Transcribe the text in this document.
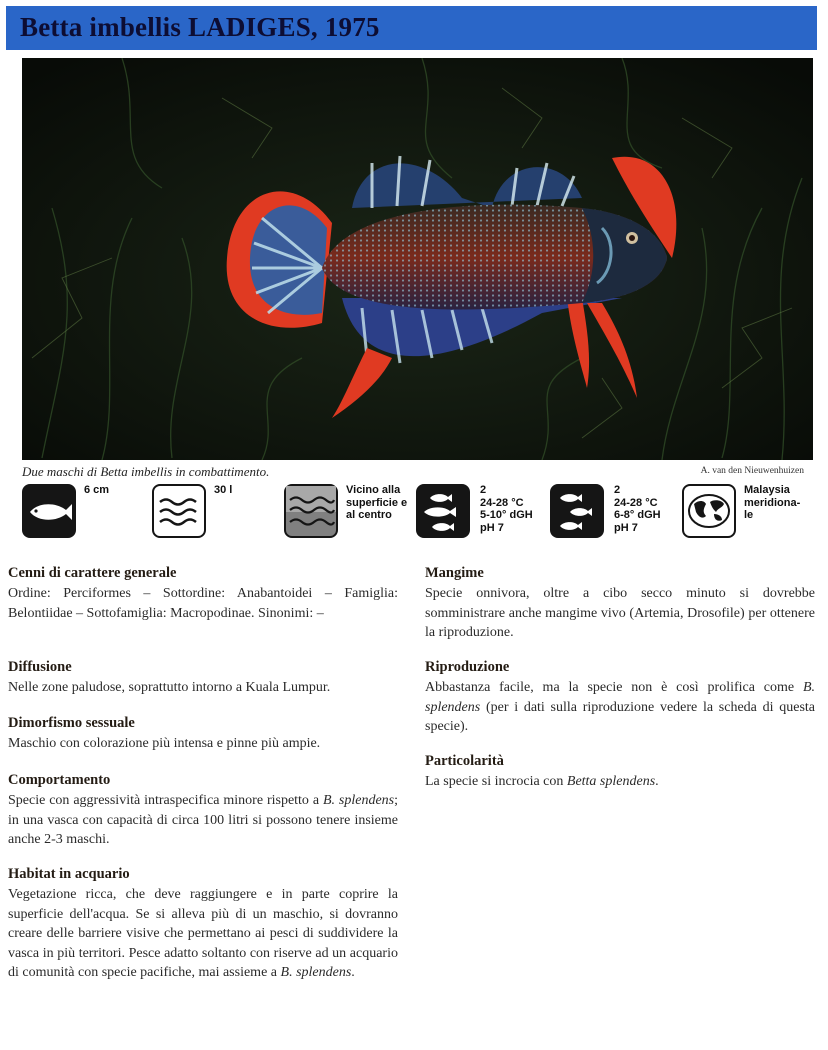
Betta imbellis LADIGES, 1975
Due maschi di Betta imbellis in combattimento.	A. van den Nieuwenhuizen
6 cm	30 l	Vicino alla
superficie e
al centro
2
24-28 °C
5-10° dGH
pH 7
2
24-28 °C
6-8° dGH
pH 7
Malaysia
meridiona-
le
Cenni di carattere generale

Ordine: Perciformes – Sottordine: Anabantoidei – Famiglia: Belontiidae – Sottofamiglia: Macropodinae. Sinonimi: –

Diffusione

Nelle zone paludose, soprattutto intorno a Kuala Lumpur.

Dimorfismo sessuale

Maschio con colorazione più intensa e pinne più ampie.

Comportamento

Specie con aggressività intraspecifica minore rispetto a B. splendens; in una vasca con capacità di circa 100 litri si possono tenere insieme anche 2-3 maschi.

Habitat in acquario

Vegetazione ricca, che deve raggiungere e in parte coprire la superficie dell'acqua. Se si alleva più di un maschio, si dovranno creare delle barriere visive che permettano ai pesci di suddividere la vasca in più territori. Pesce adatto soltanto con riserve ad un acquario di comunità con specie pacifiche, mai assieme a B. splendens.

Mangime

Specie onnivora, oltre a cibo secco minuto si dovrebbe somministrare anche mangime vivo (Artemia, Drosofile) per ottenere la riproduzione.

Riproduzione

Abbastanza facile, ma la specie non è così prolifica come B. splendens (per i dati sulla riproduzione vedere la scheda di questa specie).

Particolarità

La specie si incrocia con Betta splendens.
